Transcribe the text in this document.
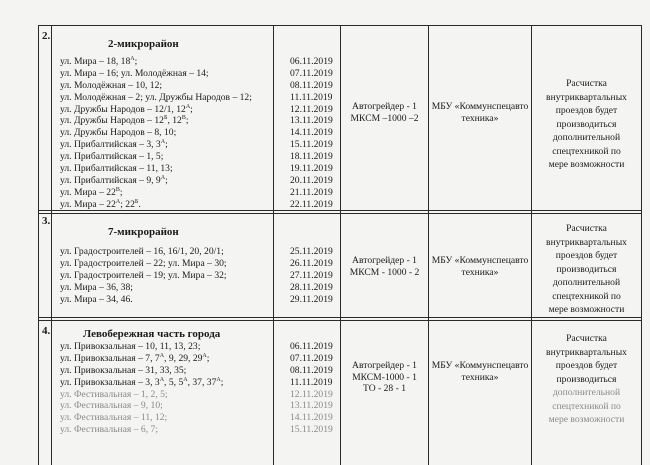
2.
2-микрорайон
ул. Мира – 18, $18^А$;
ул. Мира – 16; ул. Молодёжная – 14;
ул. Молодёжная – 10, 12;
ул. Молодёжная – 2; ул. Дружбы Народов – 12;
ул. Дружбы Народов – 12/1, $12^А$;
ул. Дружбы Народов – $12^Б$, $12^В$;
ул. Дружбы Народов – 8, 10;
ул. Прибалтийская – 3, $3^А$;
ул. Прибалтийская – 1, 5;
ул. Прибалтийская – 11, 13;
ул. Прибалтийская – 9, $9^А$;
ул. Мира – $22^В$;
ул. Мира – $22^А$; $22^Б$.
06.11.2019
07.11.2019
08.11.2019
11.11.2019
12.11.2019
13.11.2019
14.11.2019
15.11.2019
18.11.2019
19.11.2019
20.11.2019
21.11.2019
22.11.2019
Автогрейдер - 1
МКСМ –1000 –2
МБУ «Коммунспецавто
техника»
Расчистка
внутриквартальных
проездов будет
производиться
дополнительной
спецтехникой по
мере возможности
3.
7-микрорайон
ул. Градостроителей – 16, 16/1, 20, 20/1;
ул. Градостроителей – 22; ул. Мира – 30;
ул. Градостроителей – 19; ул. Мира – 32;
ул. Мира – 36, 38;
ул. Мира – 34, 46.
25.11.2019
26.11.2019
27.11.2019
28.11.2019
29.11.2019
Автогрейдер - 1
МКСМ - 1000 - 2
МБУ «Коммунспецавто
техника»
Расчистка
внутриквартальных
проездов будет
производиться
дополнительной
спецтехникой по
мере возможности
4.	Левобережная часть города
ул. Привокзальная – 10, 11, 13, 23;
ул. Привокзальная – 7, $7^А$, 9, 29, $29^А$;
ул. Привокзальная – 31, 33, 35;
ул. Привокзальная – 3, $3^А$, 5, $5^А$, 37, $37^А$;
ул. Фестивальная – 1, 2, 5;
ул. Фестивальная – 9, 10;
ул. Фестивальная – 11, 12;
ул. Фестивальная – 6, 7;
06.11.2019
07.11.2019
08.11.2019
11.11.2019
12.11.2019
13.11.2019
14.11.2019
15.11.2019
Автогрейдер - 1
МКСМ-1000 - 1
ТО - 28 - 1
МБУ «Коммунспецавто
техника»
Расчистка
внутриквартальных
проездов будет
производиться
дополнительной
спецтехникой по
мере возможности
